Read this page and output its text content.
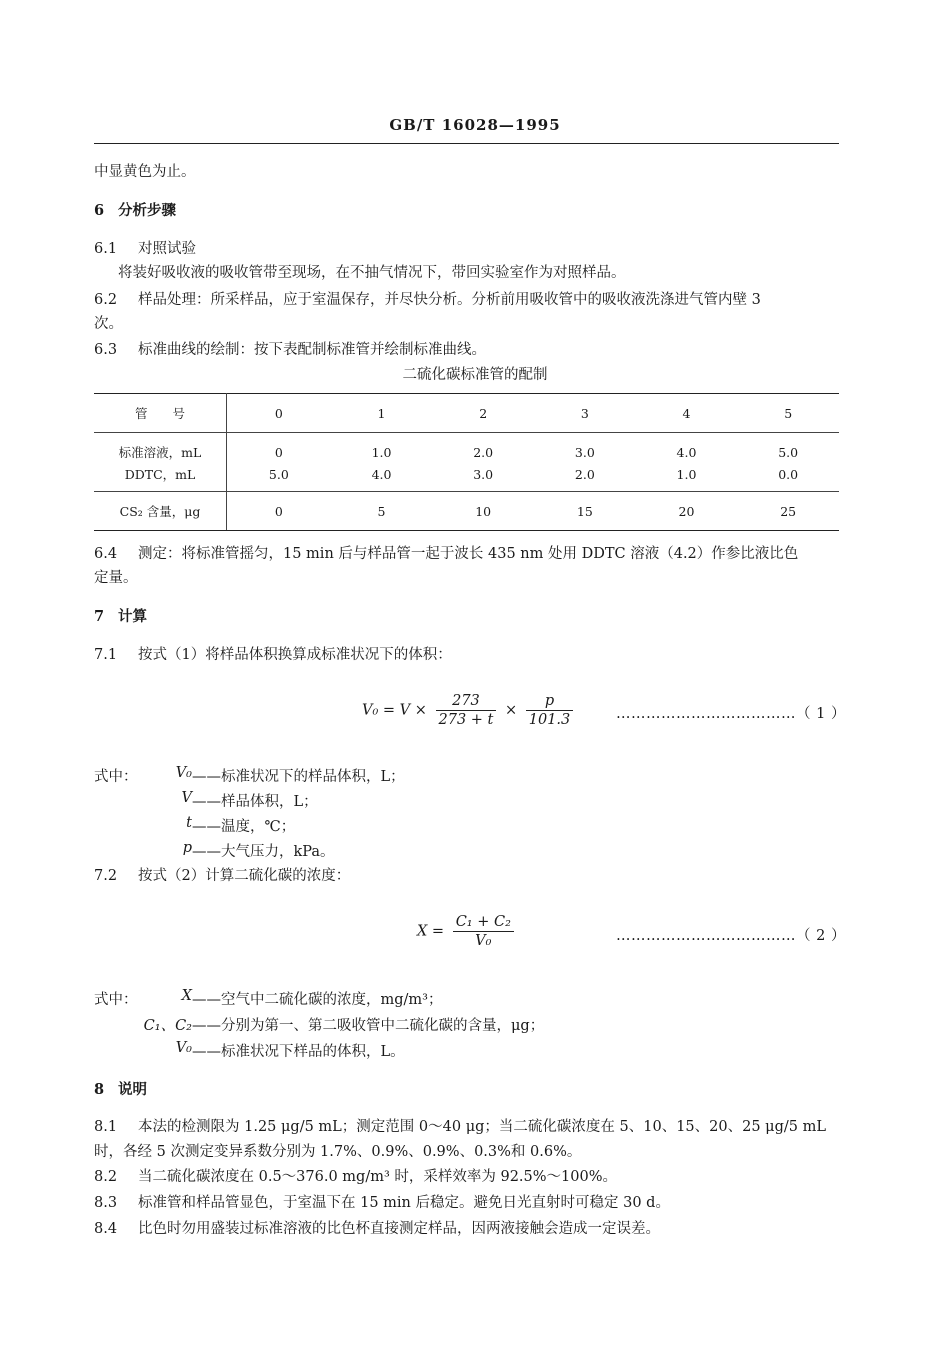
GB/T 16028—1995
中显黄色为止。
6 分析步骤
6.1 对照试验
将装好吸收液的吸收管带至现场，在不抽气情况下，带回实验室作为对照样品。
6.2 样品处理：所采样品，应于室温保存，并尽快分析。分析前用吸收管中的吸收液洗涤进气管内壁 3
次。
6.3 标准曲线的绘制：按下表配制标准管并绘制标准曲线。
二硫化碳标准管的配制
管　　号	0	1	2	3	4	5
标准溶液，mL	0	1.0	2.0	3.0	4.0	5.0
DDTC，mL	5.0	4.0	3.0	2.0	1.0	0.0
CS₂ 含量，μg	0	5	10	15	20	25
6.4 测定：将标准管摇匀，15 min 后与样品管一起于波长 435 nm 处用 DDTC 溶液（4.2）作参比液比色
定量。
7 计算
7.1 按式（1）将样品体积换算成标准状况下的体积：
$V_0 = V \times \frac{273}{273 + t} \times \frac{p}{101.3}$	………………………………（ 1 ）
式中：	V₀ ——标准状况下的样品体积，L；
V ——样品体积，L；
t ——温度，℃；
p ——大气压力，kPa。
7.2 按式（2）计算二硫化碳的浓度：
$X = \frac{\text{C₁ + C₂}}{\text{V₀}}$	………………………………（ 2 ）
式中：	X ——空气中二硫化碳的浓度，mg/m³；
C₁、C₂ ——分别为第一、第二吸收管中二硫化碳的含量，μg；
V₀ ——标准状况下样品的体积，L。
8 说明
8.1 本法的检测限为 1.25 μg/5 mL；测定范围 0～40 μg；当二硫化碳浓度在 5、10、15、20、25 μg/5 mL
时，各经 5 次测定变异系数分别为 1.7%、0.9%、0.9%、0.3%和 0.6%。
8.2 当二硫化碳浓度在 0.5～376.0 mg/m³ 时，采样效率为 92.5%～100%。
8.3 标准管和样品管显色，于室温下在 15 min 后稳定。避免日光直射时可稳定 30 d。
8.4 比色时勿用盛装过标准溶液的比色杯直接测定样品，因两液接触会造成一定误差。
